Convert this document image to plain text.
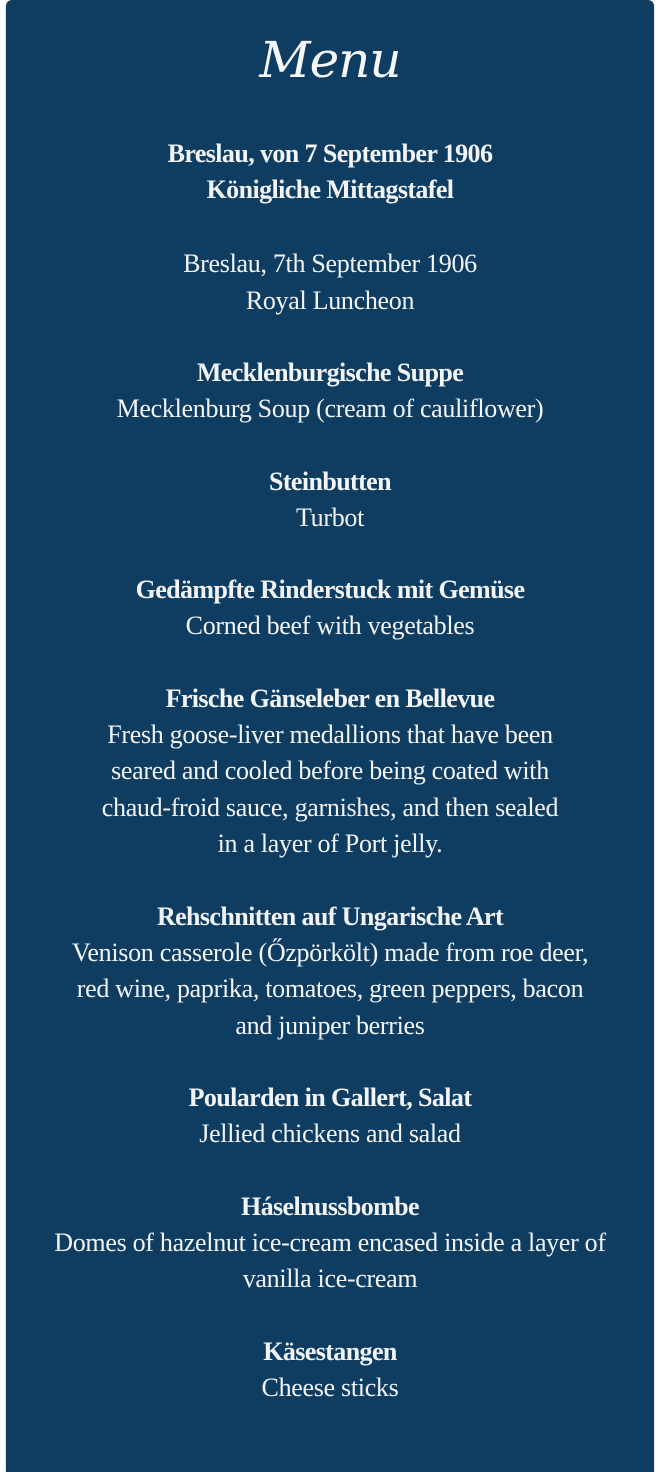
Menu
Breslau, von 7 September 1906
Königliche Mittagstafel
Breslau, 7th September 1906
Royal Luncheon
Mecklenburgische Suppe
Mecklenburg Soup (cream of cauliflower)
Steinbutten
Turbot
Gedämpfte Rinderstuck mit Gemüse
Corned beef with vegetables
Frische Gänseleber en Bellevue
Fresh goose-liver medallions that have been seared and cooled before being coated with chaud-froid sauce, garnishes, and then sealed in a layer of Port jelly.
Rehschnitten auf Ungarische Art
Venison casserole (Őzpörkölt) made from roe deer, red wine, paprika, tomatoes, green peppers, bacon and juniper berries
Poularden in Gallert, Salat
Jellied chickens and salad
Háselnussbombe
Domes of hazelnut ice-cream encased inside a layer of vanilla ice-cream
Käsestangen
Cheese sticks
